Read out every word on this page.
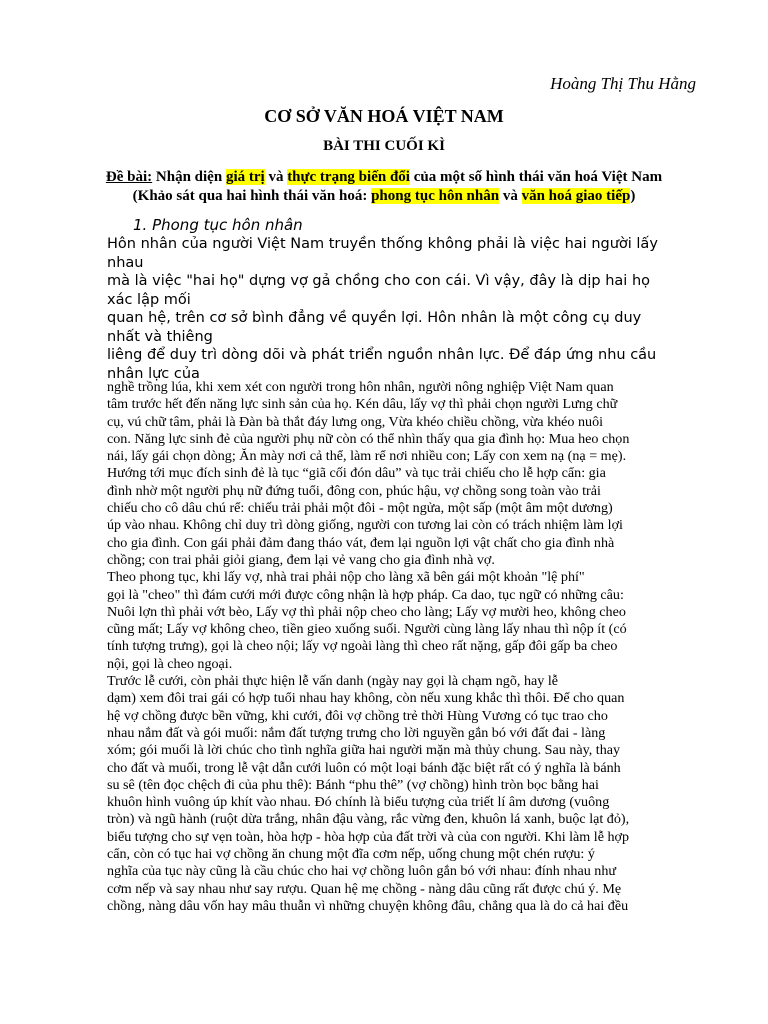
Hoàng Thị Thu Hằng
CƠ SỞ VĂN HOÁ VIỆT NAM
BÀI THI CUỐI KÌ
Đề bài: Nhận diện giá trị và thực trạng biến đổi của một số hình thái văn hoá Việt Nam
(Khảo sát qua hai hình thái văn hoá: phong tục hôn nhân và văn hoá giao tiếp)
1. Phong tục hôn nhân
Hôn nhân của người Việt Nam truyền thống không phải là việc hai người lấy
nhau
mà là việc "hai họ" dựng vợ gả chồng cho con cái. Vì vậy, đây là dịp hai họ
xác lập mối
quan hệ, trên cơ sở bình đẳng về quyền lợi. Hôn nhân là một công cụ duy
nhất và thiêng
liêng để duy trì dòng dõi và phát triển nguồn nhân lực. Để đáp ứng nhu cầu
nhân lực của
nghề trồng lúa, khi xem xét con người trong hôn nhân, người nông nghiệp Việt Nam quan
tâm trước hết đến năng lực sinh sản của họ. Kén dâu, lấy vợ thì phải chọn người Lưng chữ
cụ, vú chữ tâm, phải là Đàn bà thắt đáy lưng ong, Vừa khéo chiều chồng, vừa khéo nuôi
con. Năng lực sinh đẻ của người phụ nữ còn có thể nhìn thấy qua gia đình họ: Mua heo chọn
nái, lấy gái chọn dòng; Ăn mày nơi cả thể, làm rể nơi nhiều con; Lấy con xem nạ (nạ = mẹ).
Hướng tới mục đích sinh đẻ là tục “giã cối đón dâu” và tục trải chiếu cho lễ hợp cẩn: gia
đình nhờ một người phụ nữ đứng tuổi, đông con, phúc hậu, vợ chồng song toàn vào trải
chiếu cho cô dâu chú rể: chiếu trải phải một đôi - một ngửa, một sấp (một âm một dương)
úp vào nhau. Không chỉ duy trì dòng giống, người con tương lai còn có trách nhiệm làm lợi
cho gia đình. Con gái phải đảm đang tháo vát, đem lại nguồn lợi vật chất cho gia đình nhà
chồng; con trai phải giỏi giang, đem lại vẻ vang cho gia đình nhà vợ.
Theo phong tục, khi lấy vợ, nhà trai phải nộp cho làng xã bên gái một khoản "lệ phí"
gọi là "cheo" thì đám cưới mới được công nhận là hợp pháp. Ca dao, tục ngữ có những câu:
Nuôi lợn thì phải vớt bèo, Lấy vợ thì phải nộp cheo cho làng; Lấy vợ mười heo, không cheo
cũng mất; Lấy vợ không cheo, tiền gieo xuống suối. Người cùng làng lấy nhau thì nộp ít (có
tính tượng trưng), gọi là cheo nội; lấy vợ ngoài làng thì cheo rất nặng, gấp đôi gấp ba cheo
nội, gọi là cheo ngoại.
Trước lễ cưới, còn phải thực hiện lễ vấn danh (ngày nay gọi là chạm ngõ, hay lễ
dạm) xem đôi trai gái có hợp tuổi nhau hay không, còn nếu xung khắc thì thôi. Để cho quan
hệ vợ chồng được bền vững, khi cưới, đôi vợ chồng trẻ thời Hùng Vương có tục trao cho
nhau nắm đất và gói muối: nắm đất tượng trưng cho lời nguyền gắn bó với đất đai - làng
xóm; gói muối là lời chúc cho tình nghĩa giữa hai người mặn mà thủy chung. Sau này, thay
cho đất và muối, trong lễ vật dẫn cưới luôn có một loại bánh đặc biệt rất có ý nghĩa là bánh
su sê (tên đọc chệch đi của phu thê): Bánh “phu thê” (vợ chồng) hình tròn bọc bằng hai
khuôn hình vuông úp khít vào nhau. Đó chính là biểu tượng của triết lí âm dương (vuông
tròn) và ngũ hành (ruột dừa trắng, nhân đậu vàng, rắc vừng đen, khuôn lá xanh, buộc lạt đỏ),
biểu tượng cho sự vẹn toàn, hòa hợp - hòa hợp của đất trời và của con người. Khi làm lễ hợp
cẩn, còn có tục hai vợ chồng ăn chung một đĩa cơm nếp, uống chung một chén rượu: ý
nghĩa của tục này cũng là cầu chúc cho hai vợ chồng luôn gắn bó với nhau: đính nhau như
cơm nếp và say nhau như say rượu. Quan hệ mẹ chồng - nàng dâu cũng rất được chú ý. Mẹ
chồng, nàng dâu vốn hay mâu thuẫn vì những chuyện không đâu, chẳng qua là do cả hai đều
